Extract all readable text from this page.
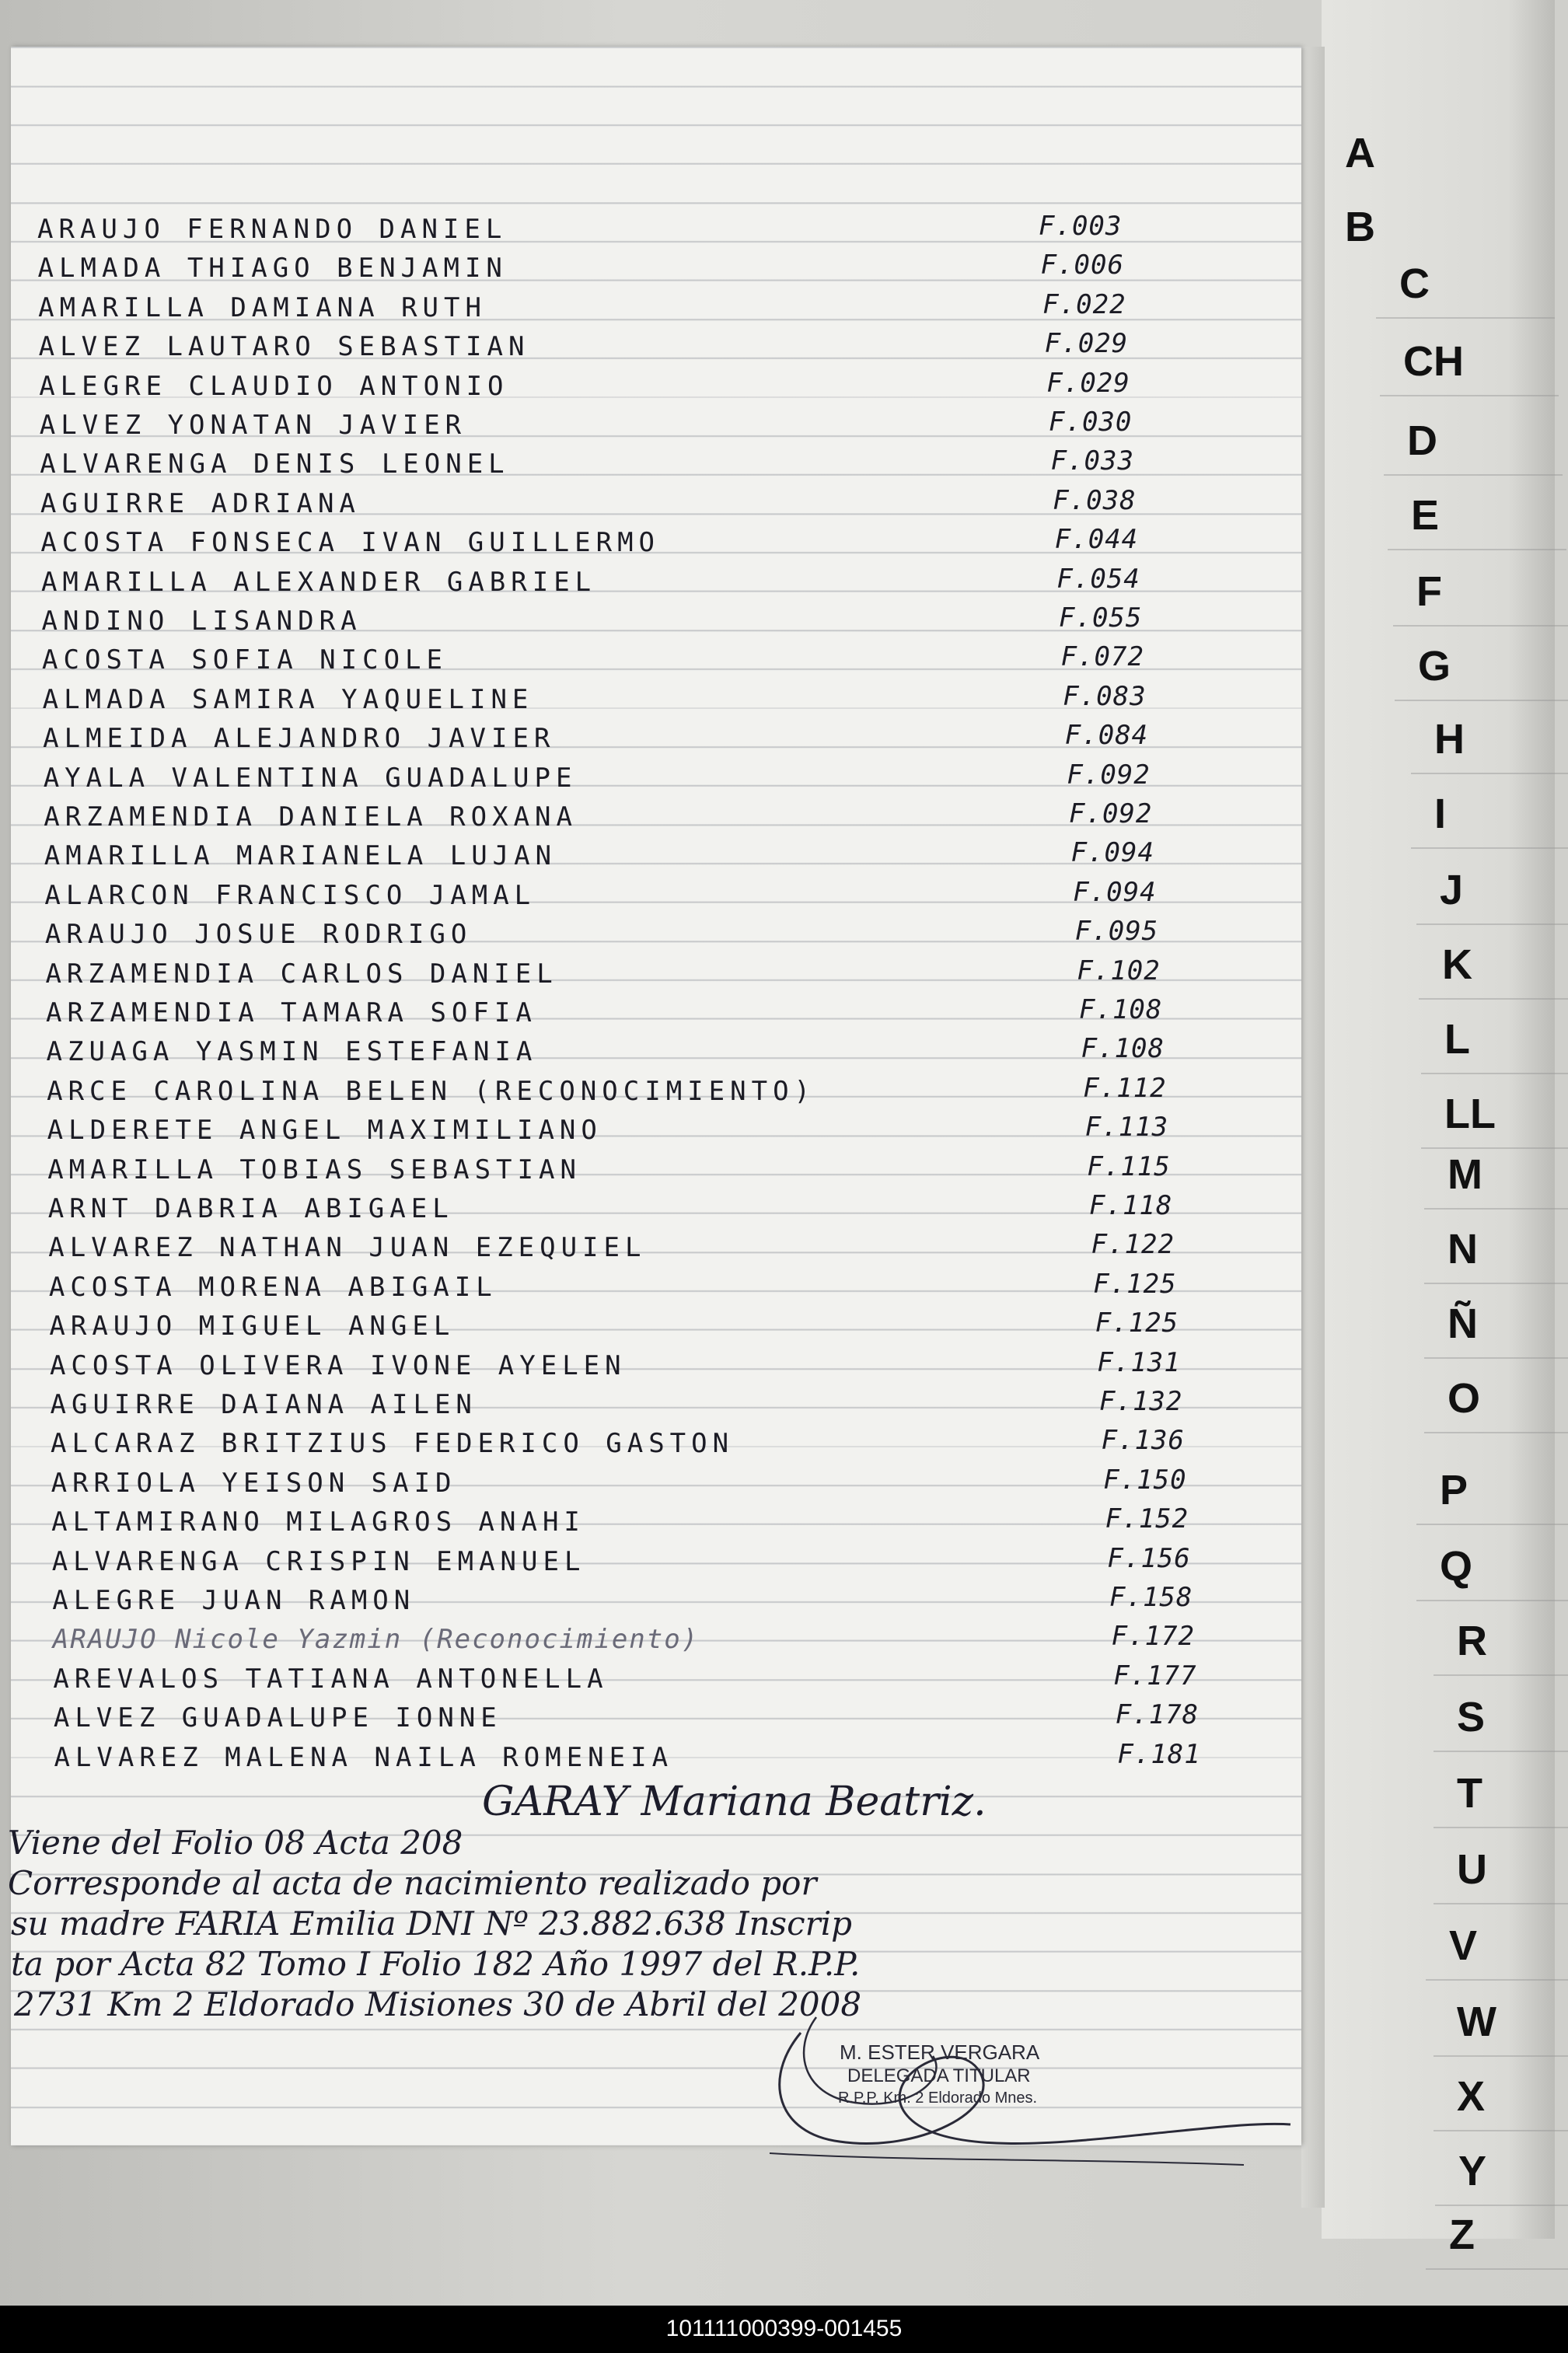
ARAUJO FERNANDO DANIEL	F.003
ALMADA THIAGO BENJAMIN	F.006
AMARILLA DAMIANA RUTH	F.022
ALVEZ LAUTARO SEBASTIAN	F.029
ALEGRE CLAUDIO ANTONIO	F.029
ALVEZ YONATAN JAVIER	F.030
ALVARENGA DENIS LEONEL	F.033
AGUIRRE ADRIANA	F.038
ACOSTA FONSECA IVAN GUILLERMO	F.044
AMARILLA ALEXANDER GABRIEL	F.054
ANDINO LISANDRA	F.055
ACOSTA SOFIA NICOLE	F.072
ALMADA SAMIRA YAQUELINE	F.083
ALMEIDA ALEJANDRO JAVIER	F.084
AYALA VALENTINA GUADALUPE	F.092
ARZAMENDIA DANIELA ROXANA	F.092
AMARILLA MARIANELA LUJAN	F.094
ALARCON FRANCISCO JAMAL	F.094
ARAUJO JOSUE RODRIGO	F.095
ARZAMENDIA CARLOS DANIEL	F.102
ARZAMENDIA TAMARA SOFIA	F.108
AZUAGA YASMIN ESTEFANIA	F.108
ARCE CAROLINA BELEN (RECONOCIMIENTO)	F.112
ALDERETE ANGEL MAXIMILIANO	F.113
AMARILLA TOBIAS SEBASTIAN	F.115
ARNT DABRIA ABIGAEL	F.118
ALVAREZ NATHAN JUAN EZEQUIEL	F.122
ACOSTA MORENA ABIGAIL	F.125
ARAUJO MIGUEL ANGEL	F.125
ACOSTA OLIVERA IVONE AYELEN	F.131
AGUIRRE DAIANA AILEN	F.132
ALCARAZ BRITZIUS FEDERICO GASTON	F.136
ARRIOLA YEISON SAID	F.150
ALTAMIRANO MILAGROS ANAHI	F.152
ALVARENGA CRISPIN EMANUEL	F.156
ALEGRE JUAN RAMON	F.158
ARAUJO Nicole Yazmin (Reconocimiento)	F.172
AREVALOS TATIANA ANTONELLA	F.177
ALVEZ GUADALUPE IONNE	F.178
ALVAREZ MALENA NAILA ROMENEIA	F.181
GARAY Mariana Beatriz.
Viene del Folio 08 Acta 208
Corresponde al acta de nacimiento realizado por
su madre FARIA Emilia DNI Nº 23.882.638 Inscrip
ta por Acta 82 Tomo I Folio 182 Año 1997 del R.P.P.
2731 Km 2 Eldorado Misiones 30 de Abril del 2008
M. ESTER VERGARA
DELEGADA TITULAR
R.P.P. Km. 2 Eldorado Mnes.
A
B
C
CH
D
E
F
G
H
I
J
K
L
LL
M
N
Ñ
O
P
Q
R
S
T
U
V
W
X
Y
Z
101111000399-001455
